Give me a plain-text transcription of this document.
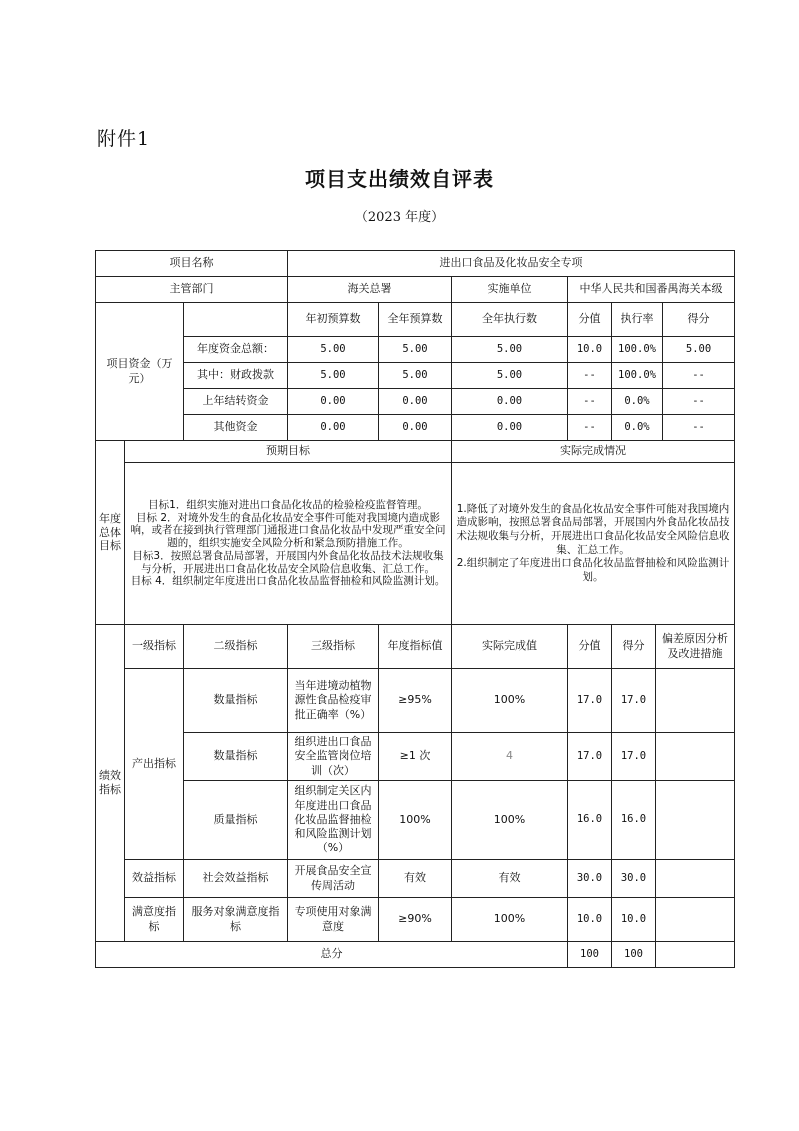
附件1
项目支出绩效自评表
（2023 年度）
项目名称			进出口食品及化妆品安全专项						
主管部门			海关总署		实施单位	中华人民共和国番禺海关本级			
项目资金（万元）			年初预算数	全年预算数	全年执行数	分值	执行率		得分
		年度资金总额：	5.00	5.00	5.00	10.0	100.0%		5.00
		其中：财政拨款	5.00	5.00	5.00	--	100.0%		--
		上年结转资金	0.00	0.00	0.00	--	0.0%		--
		其他资金	0.00	0.00	0.00	--	0.0%		--
年度总体目标	预期目标				实际完成情况				

	目标1．组织实施对进出口食品化妆品的检验检疫监督管理。
目标 2．对境外发生的食品化妆品安全事件可能对我国境内造成影响，或者在接到执行管理部门通报进口食品化妆品中发现严重安全问题的，组织实施安全风险分析和紧急预防措施工作。
目标3．按照总署食品局部署，开展国内外食品化妆品技术法规收集与分析，开展进出口食品化妆品安全风险信息收集、汇总工作。
目标 4．组织制定年度进出口食品化妆品监督抽检和风险监测计划。				1.降低了对境外发生的食品化妆品安全事件可能对我国境内造成影响，按照总署食品局部署，开展国内外食品化妆品技术法规收集与分析，开展进出口食品化妆品安全风险信息收集、汇总工作。
2.组织制定了年度进出口食品化妆品监督抽检和风险监测计划。				

绩效指标	一级指标	二级指标	三级指标	年度指标值	实际完成值	分值	得分	偏差原因分析及改进措施	
	产出指标	数量指标	当年进境动植物源性食品检疫审批正确率（%）	≥95%	100%	17.0	17.0		
		数量指标	组织进出口食品安全监管岗位培训（次）	≥1 次	4	17.0	17.0		
		质量指标	组织制定关区内年度进出口食品化妆品监督抽检和风险监测计划（%）	100%	100%	16.0	16.0		
	效益指标	社会效益指标	开展食品安全宣传周活动	有效	有效	30.0	30.0		
	满意度指标	服务对象满意度指标	专项使用对象满意度	≥90%	100%	10.0	10.0		
总分						100	100		
